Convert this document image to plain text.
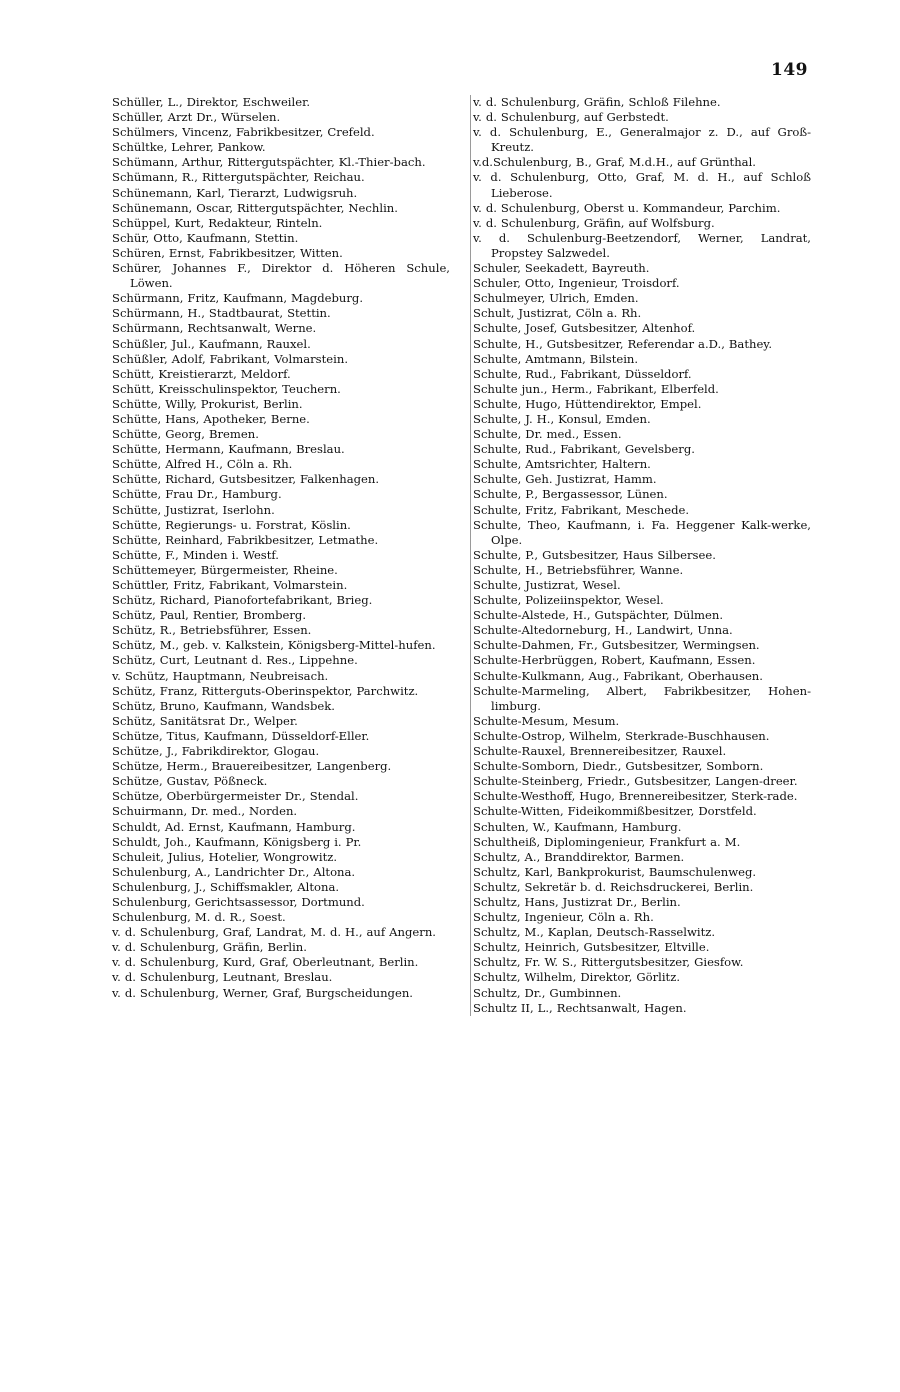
149
Schüller, L., Direktor, Eschweiler.
Schüller, Arzt Dr., Würselen.
Schülmers, Vincenz, Fabrikbesitzer, Crefeld.
Schültke, Lehrer, Pankow.
Schümann, Arthur, Rittergutspächter, Kl.-Thier-bach.
Schümann, R., Rittergutspächter, Reichau.
Schünemann, Karl, Tierarzt, Ludwigsruh.
Schünemann, Oscar, Rittergutspächter, Nechlin.
Schüppel, Kurt, Redakteur, Rinteln.
Schür, Otto, Kaufmann, Stettin.
Schüren, Ernst, Fabrikbesitzer, Witten.
Schürer, Johannes F., Direktor d. Höheren Schule, Löwen.
Schürmann, Fritz, Kaufmann, Magdeburg.
Schürmann, H., Stadtbaurat, Stettin.
Schürmann, Rechtsanwalt, Werne.
Schüßler, Jul., Kaufmann, Rauxel.
Schüßler, Adolf, Fabrikant, Volmarstein.
Schütt, Kreistierarzt, Meldorf.
Schütt, Kreisschulinspektor, Teuchern.
Schütte, Willy, Prokurist, Berlin.
Schütte, Hans, Apotheker, Berne.
Schütte, Georg, Bremen.
Schütte, Hermann, Kaufmann, Breslau.
Schütte, Alfred H., Cöln a. Rh.
Schütte, Richard, Gutsbesitzer, Falkenhagen.
Schütte, Frau Dr., Hamburg.
Schütte, Justizrat, Iserlohn.
Schütte, Regierungs- u. Forstrat, Köslin.
Schütte, Reinhard, Fabrikbesitzer, Letmathe.
Schütte, F., Minden i. Westf.
Schüttemeyer, Bürgermeister, Rheine.
Schüttler, Fritz, Fabrikant, Volmarstein.
Schütz, Richard, Pianofortefabrikant, Brieg.
Schütz, Paul, Rentier, Bromberg.
Schütz, R., Betriebsführer, Essen.
Schütz, M., geb. v. Kalkstein, Königsberg-Mittel-hufen.
Schütz, Curt, Leutnant d. Res., Lippehne.
v. Schütz, Hauptmann, Neubreisach.
Schütz, Franz, Ritterguts-Oberinspektor, Parchwitz.
Schütz, Bruno, Kaufmann, Wandsbek.
Schütz, Sanitätsrat Dr., Welper.
Schütze, Titus, Kaufmann, Düsseldorf-Eller.
Schütze, J., Fabrikdirektor, Glogau.
Schütze, Herm., Brauereibesitzer, Langenberg.
Schütze, Gustav, Pößneck.
Schütze, Oberbürgermeister Dr., Stendal.
Schuirmann, Dr. med., Norden.
Schuldt, Ad. Ernst, Kaufmann, Hamburg.
Schuldt, Joh., Kaufmann, Königsberg i. Pr.
Schuleit, Julius, Hotelier, Wongrowitz.
Schulenburg, A., Landrichter Dr., Altona.
Schulenburg, J., Schiffsmakler, Altona.
Schulenburg, Gerichtsassessor, Dortmund.
Schulenburg, M. d. R., Soest.
v. d. Schulenburg, Graf, Landrat, M. d. H., auf Angern.
v. d. Schulenburg, Gräfin, Berlin.
v. d. Schulenburg, Kurd, Graf, Oberleutnant, Berlin.
v. d. Schulenburg, Leutnant, Breslau.
v. d. Schulenburg, Werner, Graf, Burgscheidungen.
v. d. Schulenburg, Gräfin, Schloß Filehne.
v. d. Schulenburg, auf Gerbstedt.
v. d. Schulenburg, E., Generalmajor z. D., auf Groß-Kreutz.
v.d.Schulenburg, B., Graf, M.d.H., auf Grünthal.
v. d. Schulenburg, Otto, Graf, M. d. H., auf Schloß Lieberose.
v. d. Schulenburg, Oberst u. Kommandeur, Parchim.
v. d. Schulenburg, Gräfin, auf Wolfsburg.
v. d. Schulenburg-Beetzendorf, Werner, Landrat, Propstey Salzwedel.
Schuler, Seekadett, Bayreuth.
Schuler, Otto, Ingenieur, Troisdorf.
Schulmeyer, Ulrich, Emden.
Schult, Justizrat, Cöln a. Rh.
Schulte, Josef, Gutsbesitzer, Altenhof.
Schulte, H., Gutsbesitzer, Referendar a.D., Bathey.
Schulte, Amtmann, Bilstein.
Schulte, Rud., Fabrikant, Düsseldorf.
Schulte jun., Herm., Fabrikant, Elberfeld.
Schulte, Hugo, Hüttendirektor, Empel.
Schulte, J. H., Konsul, Emden.
Schulte, Dr. med., Essen.
Schulte, Rud., Fabrikant, Gevelsberg.
Schulte, Amtsrichter, Haltern.
Schulte, Geh. Justizrat, Hamm.
Schulte, P., Bergassessor, Lünen.
Schulte, Fritz, Fabrikant, Meschede.
Schulte, Theo, Kaufmann, i. Fa. Heggener Kalk-werke, Olpe.
Schulte, P., Gutsbesitzer, Haus Silbersee.
Schulte, H., Betriebsführer, Wanne.
Schulte, Justizrat, Wesel.
Schulte, Polizeiinspektor, Wesel.
Schulte-Alstede, H., Gutspächter, Dülmen.
Schulte-Altedorneburg, H., Landwirt, Unna.
Schulte-Dahmen, Fr., Gutsbesitzer, Wermingsen.
Schulte-Herbrüggen, Robert, Kaufmann, Essen.
Schulte-Kulkmann, Aug., Fabrikant, Oberhausen.
Schulte-Marmeling, Albert, Fabrikbesitzer, Hohen-limburg.
Schulte-Mesum, Mesum.
Schulte-Ostrop, Wilhelm, Sterkrade-Buschhausen.
Schulte-Rauxel, Brennereibesitzer, Rauxel.
Schulte-Somborn, Diedr., Gutsbesitzer, Somborn.
Schulte-Steinberg, Friedr., Gutsbesitzer, Langen-dreer.
Schulte-Westhoff, Hugo, Brennereibesitzer, Sterk-rade.
Schulte-Witten, Fideikommißbesitzer, Dorstfeld.
Schulten, W., Kaufmann, Hamburg.
Schultheiß, Diplomingenieur, Frankfurt a. M.
Schultz, A., Branddirektor, Barmen.
Schultz, Karl, Bankprokurist, Baumschulenweg.
Schultz, Sekretär b. d. Reichsdruckerei, Berlin.
Schultz, Hans, Justizrat Dr., Berlin.
Schultz, Ingenieur, Cöln a. Rh.
Schultz, M., Kaplan, Deutsch-Rasselwitz.
Schultz, Heinrich, Gutsbesitzer, Eltville.
Schultz, Fr. W. S., Rittergutsbesitzer, Giesfow.
Schultz, Wilhelm, Direktor, Görlitz.
Schultz, Dr., Gumbinnen.
Schultz II, L., Rechtsanwalt, Hagen.
